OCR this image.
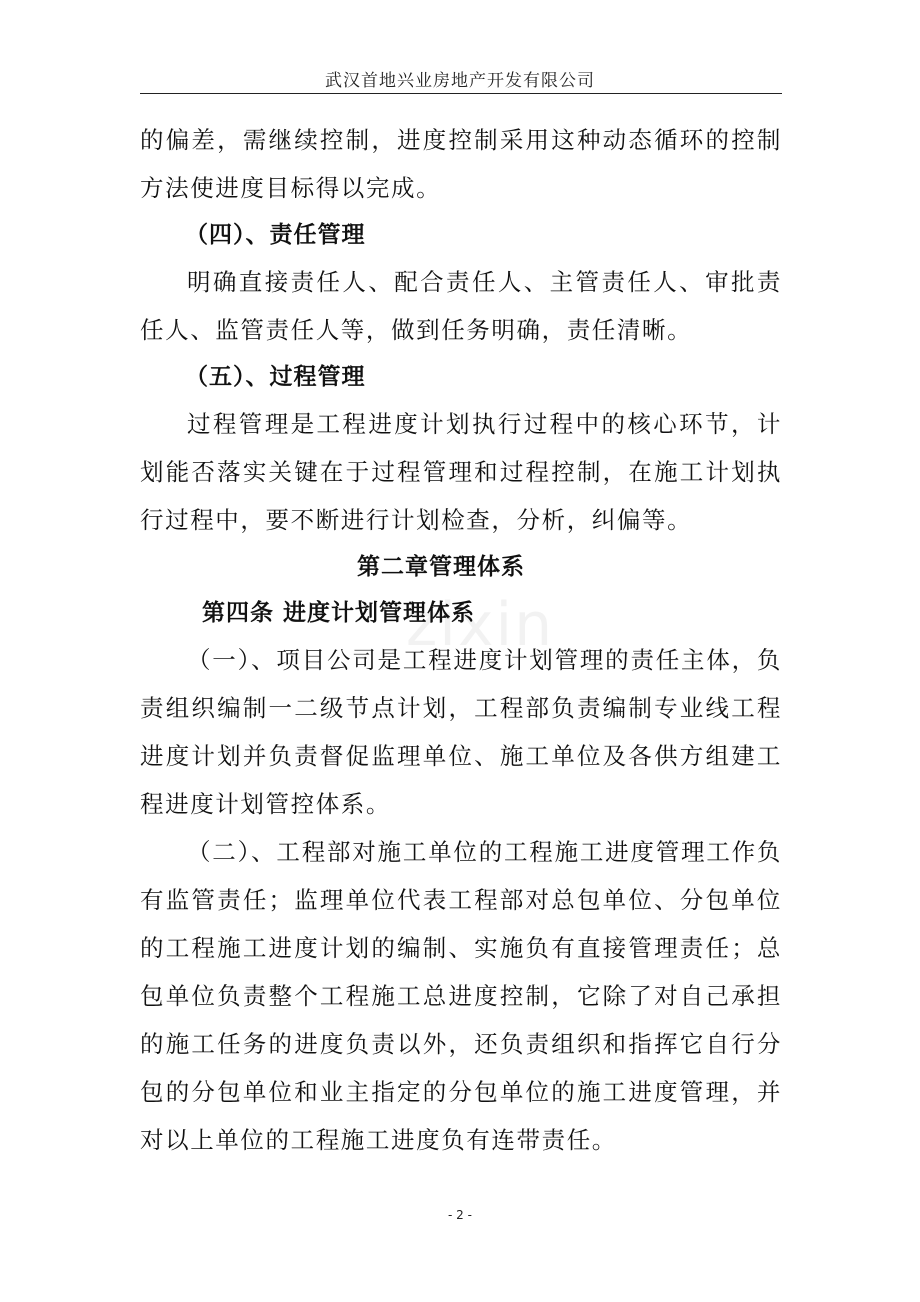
武汉首地兴业房地产开发有限公司
zixin

的偏差，需继续控制，进度控制采用这种动态循环的控制方法使进度目标得以完成。

（四）、责任管理

明确直接责任人、配合责任人、主管责任人、审批责任人、监管责任人等，做到任务明确，责任清晰。

（五）、过程管理

过程管理是工程进度计划执行过程中的核心环节，计划能否落实关键在于过程管理和过程控制，在施工计划执行过程中，要不断进行计划检查，分析，纠偏等。

第二章管理体系

第四条 进度计划管理体系

（一）、项目公司是工程进度计划管理的责任主体，负责组织编制一二级节点计划，工程部负责编制专业线工程进度计划并负责督促监理单位、施工单位及各供方组建工程进度计划管控体系。

（二）、工程部对施工单位的工程施工进度管理工作负有监管责任；监理单位代表工程部对总包单位、分包单位的工程施工进度计划的编制、实施负有直接管理责任；总包单位负责整个工程施工总进度控制，它除了对自己承担的施工任务的进度负责以外，还负责组织和指挥它自行分包的分包单位和业主指定的分包单位的施工进度管理，并对以上单位的工程施工进度负有连带责任。

- 2 -
